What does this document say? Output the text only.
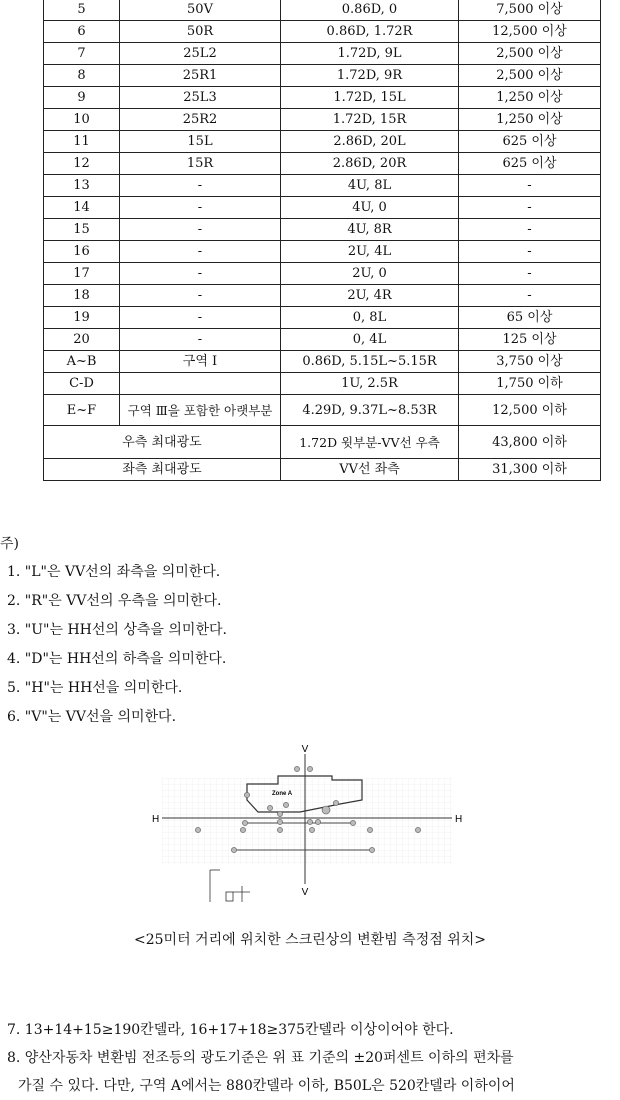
5	50V	0.86D, 0	7,500 이상
6	50R	0.86D, 1.72R	12,500 이상
7	25L2	1.72D, 9L	2,500 이상
8	25R1	1.72D, 9R	2,500 이상
9	25L3	1.72D, 15L	1,250 이상
10	25R2	1.72D, 15R	1,250 이상
11	15L	2.86D, 20L	625 이상
12	15R	2.86D, 20R	625 이상
13	-	4U, 8L	-
14	-	4U, 0	-
15	-	4U, 8R	-
16	-	2U, 4L	-
17	-	2U, 0	-
18	-	2U, 4R	-
19	-	0, 8L	65 이상
20	-	0, 4L	125 이상
A~B	구역 Ⅰ	0.86D, 5.15L~5.15R	3,750 이상
C-D		1U, 2.5R	1,750 이하
E~F	구역 Ⅲ을 포함한 아랫부분	4.29D, 9.37L~8.53R	12,500 이하
우측 최대광도		1.72D 윗부분-VV선 우측	43,800 이하
좌측 최대광도		VV선 좌측	31,300 이하
주)
1. "L"은 VV선의 좌측을 의미한다.
2. "R"은 VV선의 우측을 의미한다.
3. "U"는 HH선의 상측을 의미한다.
4. "D"는 HH선의 하측을 의미한다.
5. "H"는 HH선을 의미한다.
6. "V"는 VV선을 의미한다.
V
V
H	H
Zone A
<25미터 거리에 위치한 스크린상의 변환빔 측정점 위치>
7. 13+14+15≥190칸델라, 16+17+18≥375칸델라 이상이어야 한다.
8. 양산자동차 변환빔 전조등의 광도기준은 위 표 기준의 ±20퍼센트 이하의 편차를
가질 수 있다. 다만, 구역 A에서는 880칸델라 이하, B50L은 520칸델라 이하이어
